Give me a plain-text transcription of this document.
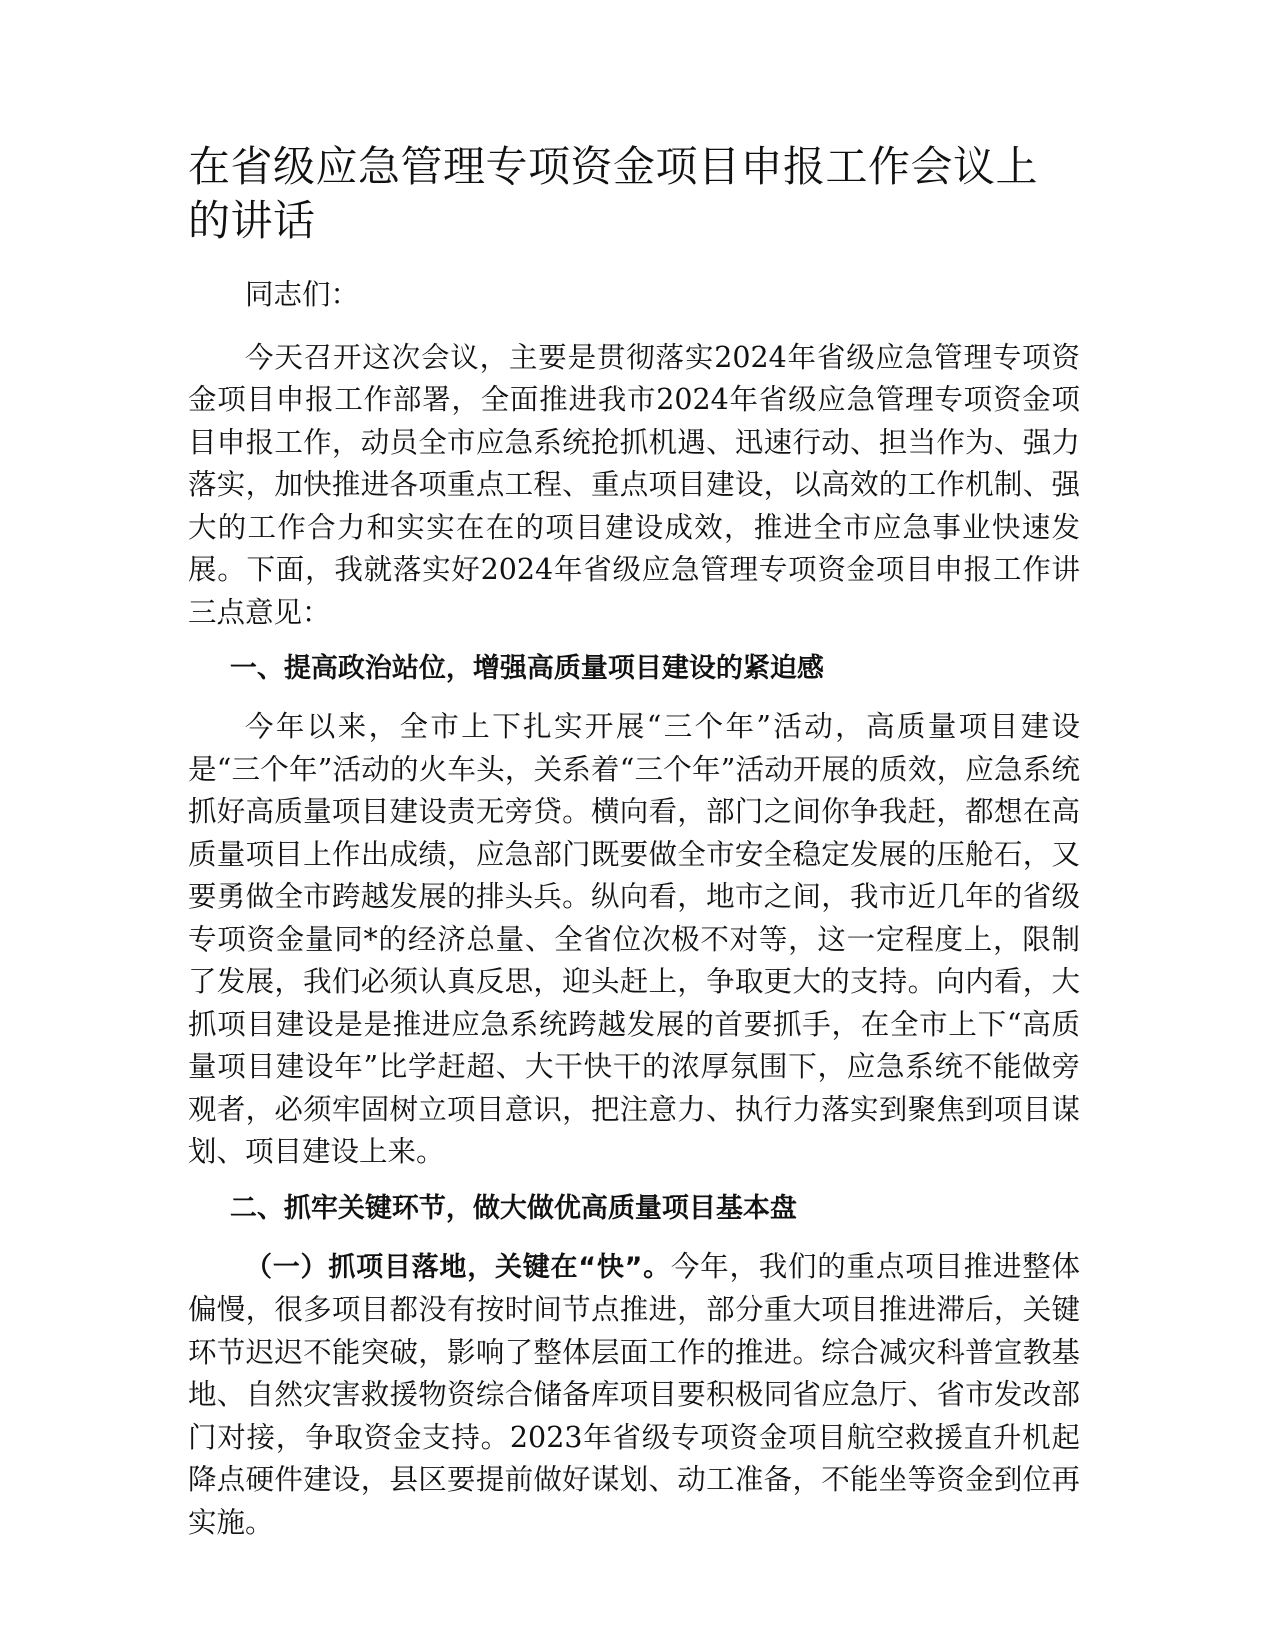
在省级应急管理专项资金项目申报工作会议上的讲话

同志们：

今天召开这次会议，主要是贯彻落实2024年省级应急管理专项资金项目申报工作部署，全面推进我市2024年省级应急管理专项资金项目申报工作，动员全市应急系统抢抓机遇、迅速行动、担当作为、强力落实，加快推进各项重点工程、重点项目建设，以高效的工作机制、强大的工作合力和实实在在的项目建设成效，推进全市应急事业快速发展。下面，我就落实好2024年省级应急管理专项资金项目申报工作讲三点意见：

一、提高政治站位，增强高质量项目建设的紧迫感

今年以来，全市上下扎实开展“三个年”活动，高质量项目建设是“三个年”活动的火车头，关系着“三个年”活动开展的质效，应急系统抓好高质量项目建设责无旁贷。横向看，部门之间你争我赶，都想在高质量项目上作出成绩，应急部门既要做全市安全稳定发展的压舱石，又要勇做全市跨越发展的排头兵。纵向看，地市之间，我市近几年的省级专项资金量同*的经济总量、全省位次极不对等，这一定程度上，限制了发展，我们必须认真反思，迎头赶上，争取更大的支持。向内看，大抓项目建设是是推进应急系统跨越发展的首要抓手，在全市上下“高质量项目建设年”比学赶超、大干快干的浓厚氛围下，应急系统不能做旁观者，必须牢固树立项目意识，把注意力、执行力落实到聚焦到项目谋划、项目建设上来。

二、抓牢关键环节，做大做优高质量项目基本盘

（一）抓项目落地，关键在“快”。今年，我们的重点项目推进整体偏慢，很多项目都没有按时间节点推进，部分重大项目推进滞后，关键环节迟迟不能突破，影响了整体层面工作的推进。综合减灾科普宣教基地、自然灾害救援物资综合储备库项目要积极同省应急厅、省市发改部门对接，争取资金支持。2023年省级专项资金项目航空救援直升机起降点硬件建设，县区要提前做好谋划、动工准备，不能坐等资金到位再实施。
